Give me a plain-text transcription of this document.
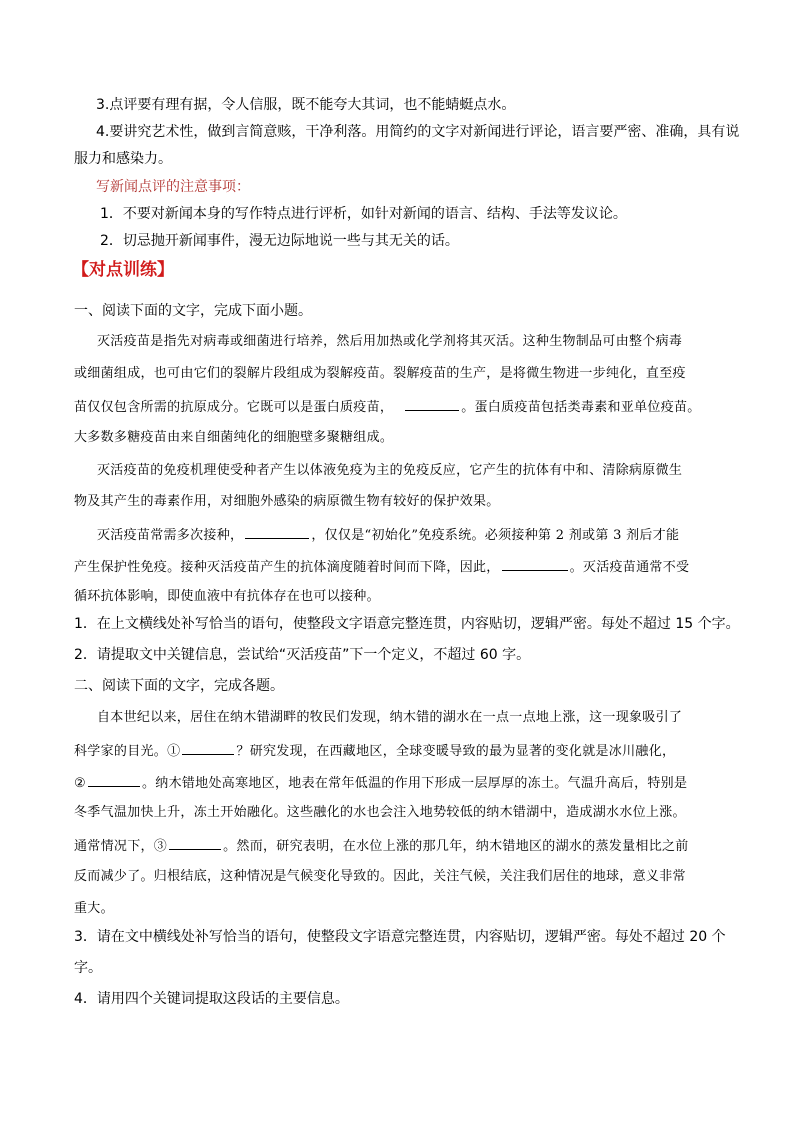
3.点评要有理有据，令人信服，既不能夸大其词，也不能蜻蜓点水。
4.要讲究艺术性，做到言简意赅，干净利落。用简约的文字对新闻进行评论，语言要严密、准确，具有说
服力和感染力。
写新闻点评的注意事项：
1．不要对新闻本身的写作特点进行评析，如针对新闻的语言、结构、手法等发议论。
2．切忌抛开新闻事件，漫无边际地说一些与其无关的话。
【对点训练】
一、阅读下面的文字，完成下面小题。
灭活疫苗是指先对病毒或细菌进行培养，然后用加热或化学剂将其灭活。这种生物制品可由整个病毒
或细菌组成，也可由它们的裂解片段组成为裂解疫苗。裂解疫苗的生产，是将微生物进一步纯化，直至疫
苗仅仅包含所需的抗原成分。它既可以是蛋白质疫苗，	。蛋白质疫苗包括类毒素和亚单位疫苗。
大多数多糖疫苗由来自细菌纯化的细胞壁多聚糖组成。
灭活疫苗的免疫机理使受种者产生以体液免疫为主的免疫反应，它产生的抗体有中和、清除病原微生
物及其产生的毒素作用，对细胞外感染的病原微生物有较好的保护效果。
灭活疫苗常需多次接种，	，仅仅是“初始化”免疫系统。必须接种第 2 剂或第 3 剂后才能
产生保护性免疫。接种灭活疫苗产生的抗体滴度随着时间而下降，因此，	。灭活疫苗通常不受
循环抗体影响，即使血液中有抗体存在也可以接种。
1．在上文横线处补写恰当的语句，使整段文字语意完整连贯，内容贴切，逻辑严密。每处不超过 15 个字。
2．请提取文中关键信息，尝试给“灭活疫苗”下一个定义，不超过 60 字。
二、阅读下面的文字，完成各题。
自本世纪以来，居住在纳木错湖畔的牧民们发现，纳木错的湖水在一点一点地上涨，这一现象吸引了
科学家的目光。①	？研究发现，在西藏地区，全球变暖导致的最为显著的变化就是冰川融化，
②	。纳木错地处高寒地区，地表在常年低温的作用下形成一层厚厚的冻土。气温升高后，特别是
冬季气温加快上升，冻土开始融化。这些融化的水也会注入地势较低的纳木错湖中，造成湖水水位上涨。
通常情况下，③	。然而，研究表明，在水位上涨的那几年，纳木错地区的湖水的蒸发量相比之前
反而减少了。归根结底，这种情况是气候变化导致的。因此，关注气候，关注我们居住的地球，意义非常
重大。
3．请在文中横线处补写恰当的语句，使整段文字语意完整连贯，内容贴切，逻辑严密。每处不超过 20 个
字。
4．请用四个关键词提取这段话的主要信息。
